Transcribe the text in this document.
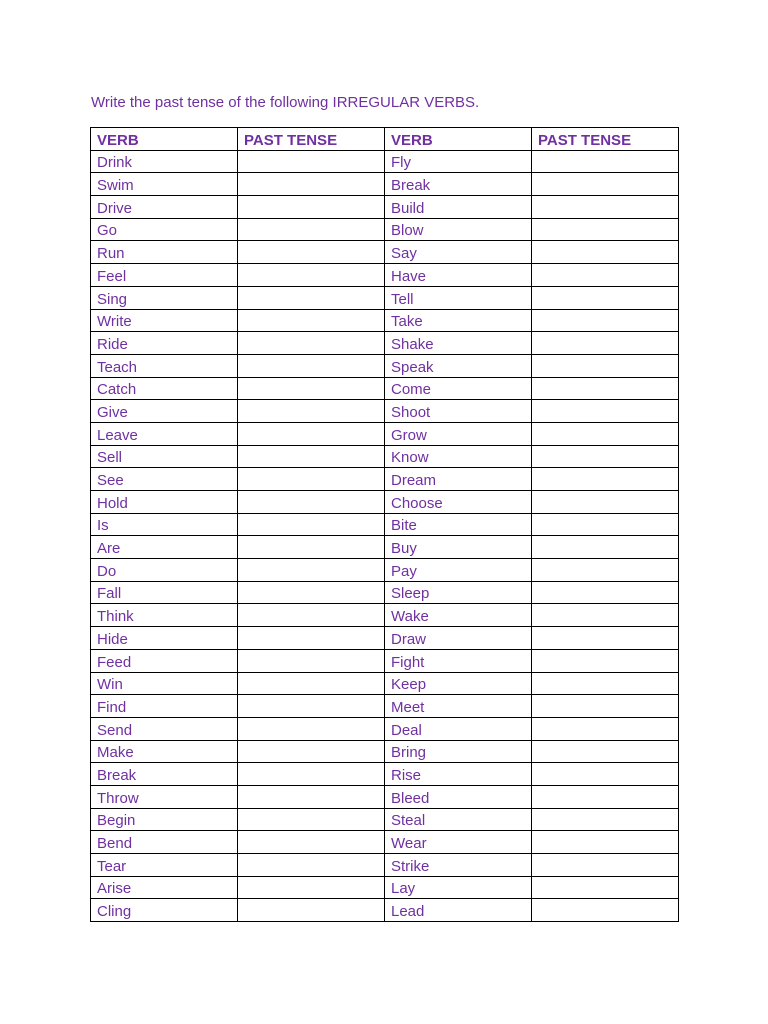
Write the past tense of the following IRREGULAR VERBS.
VERB	PAST TENSE	VERB	PAST TENSE
Drink		Fly	
Swim		Break	
Drive		Build	
Go		Blow	
Run		Say	
Feel		Have	
Sing		Tell	
Write		Take	
Ride		Shake	
Teach		Speak	
Catch		Come	
Give		Shoot	
Leave		Grow	
Sell		Know	
See		Dream	
Hold		Choose	
Is		Bite	
Are		Buy	
Do		Pay	
Fall		Sleep	
Think		Wake	
Hide		Draw	
Feed		Fight	
Win		Keep	
Find		Meet	
Send		Deal	
Make		Bring	
Break		Rise	
Throw		Bleed	
Begin		Steal	
Bend		Wear	
Tear		Strike	
Arise		Lay	
Cling		Lead	
